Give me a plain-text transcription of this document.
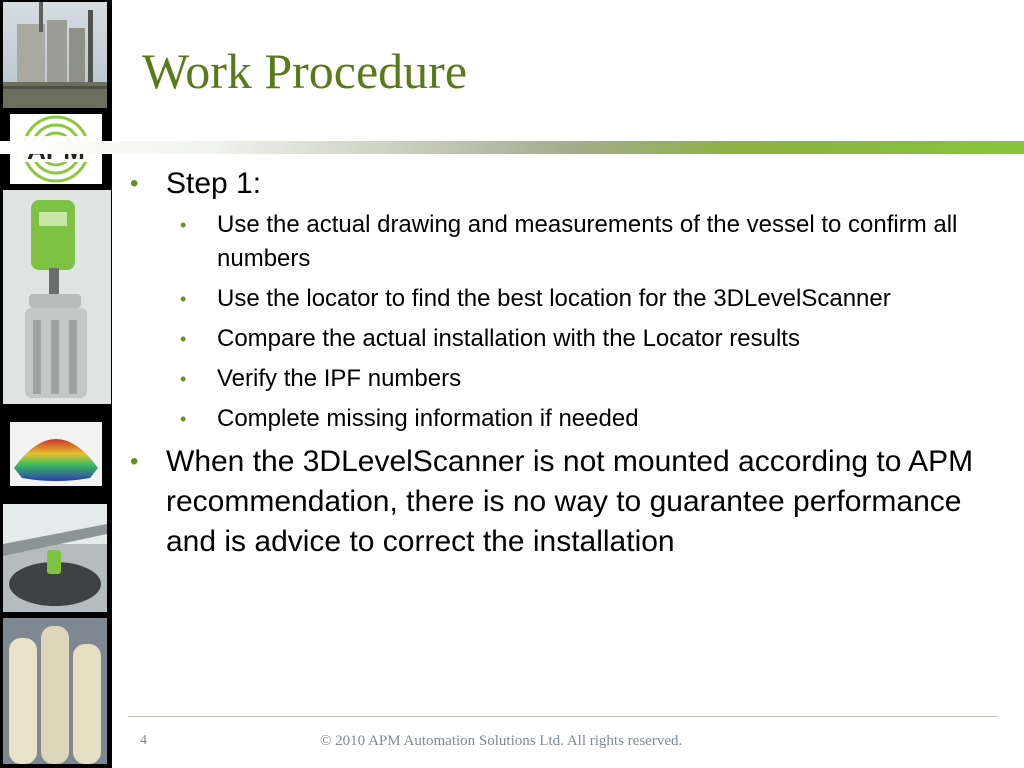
Work Procedure

• Step 1:

• Use the actual drawing and measurements of the vessel to confirm all numbers

• Use the locator to find the best location for the 3DLevelScanner

• Compare the actual installation with the Locator results

• Verify the IPF numbers

• Complete missing information if needed

• When the 3DLevelScanner is not mounted according to APM recommendation, there is no way to guarantee performance and is advice to correct the installation

4	© 2010 APM Automation Solutions Ltd. All rights reserved.
